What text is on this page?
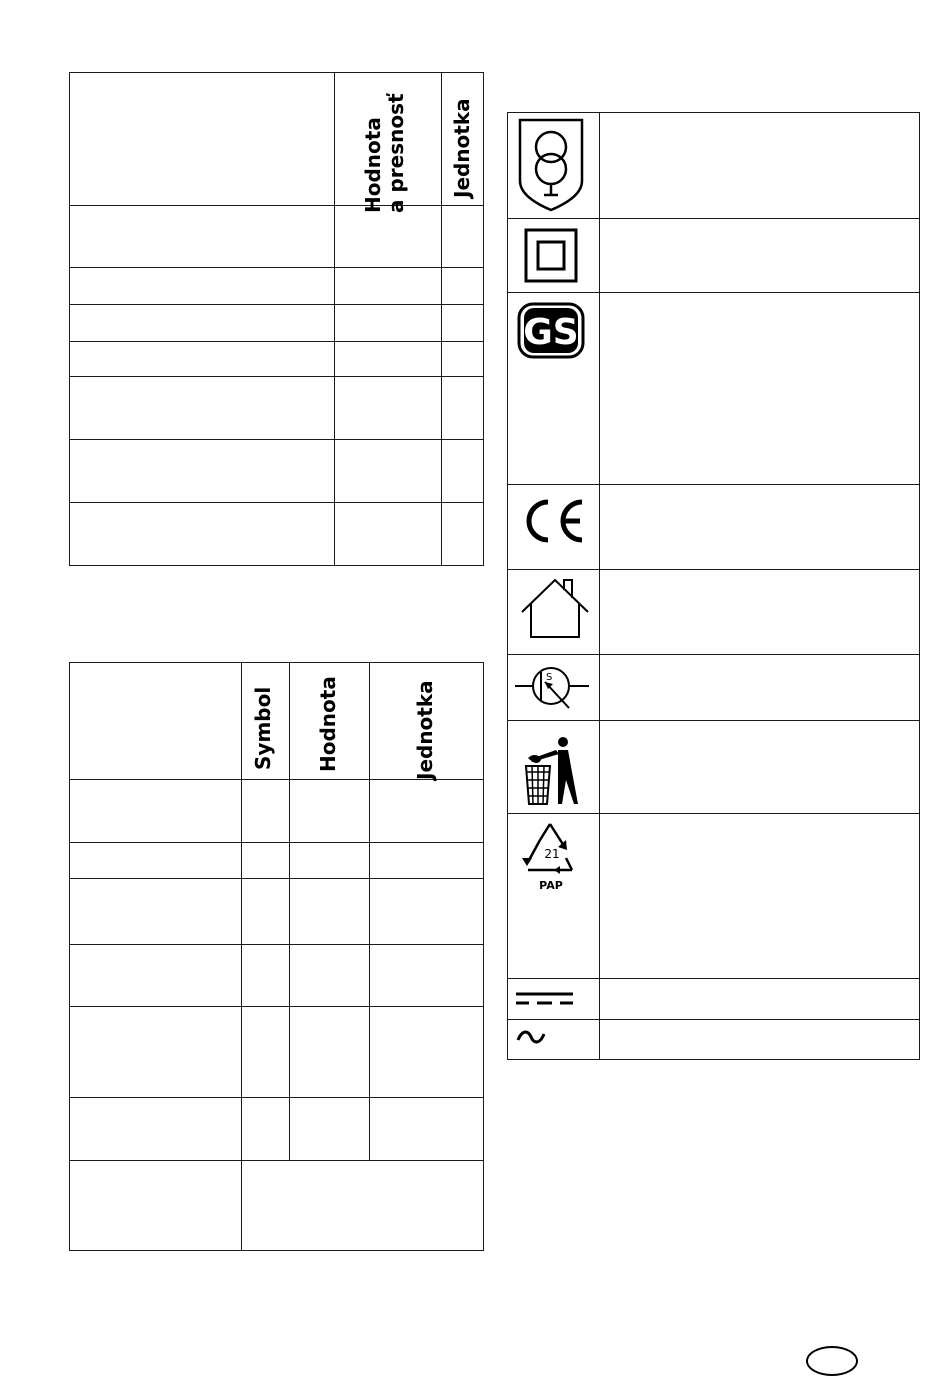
Hodnota a presnosť Jednotka
Symbol Hodnota	Jednotka
GS
S
21
PAP
